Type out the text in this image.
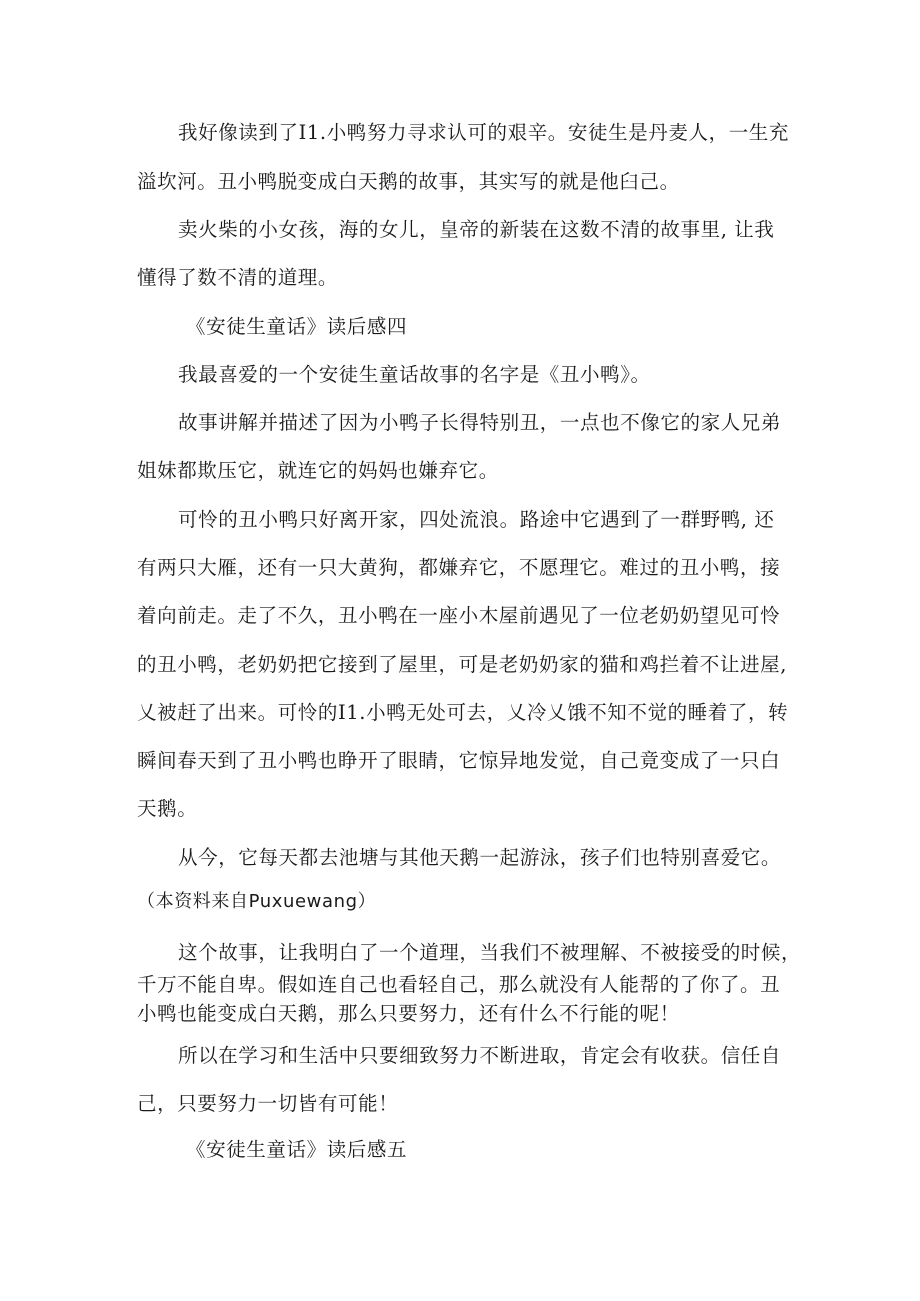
我好像读到了I1.小鸭努力寻求认可的艰辛。安徒生是丹麦人，一生充
溢坎河。丑小鸭脱变成白天鹅的故事，其实写的就是他臼己。
卖火柴的小女孩，海的女儿，皇帝的新装在这数不清的故事里, 让我
懂得了数不清的道理。
《安徒生童话》读后感四
我最喜爱的一个安徒生童话故事的名字是《丑小鸭》。
故事讲解并描述了因为小鸭子长得特别丑，一点也不像它的家人兄弟
姐妹都欺压它，就连它的妈妈也嫌弃它。
可怜的丑小鸭只好离开家，四处流浪。路途中它遇到了一群野鸭, 还
有两只大雁，还有一只大黄狗，都嫌弃它，不愿理它。难过的丑小鸭，接
着向前走。走了不久，丑小鸭在一座小木屋前遇见了一位老奶奶望见可怜
的丑小鸭，老奶奶把它接到了屋里，可是老奶奶家的猫和鸡拦着不让进屋,
乂被赶了出来。可怜的I1.小鸭无处可去，乂冷乂饿不知不觉的睡着了，转
瞬间春天到了丑小鸭也睁开了眼睛，它惊异地发觉，自己竟变成了一只白
天鹅。
从今，它每天都去池塘与其他天鹅一起游泳，孩子们也特别喜爱它。
（本资料来自Puxuewang）
这个故事，让我明白了一个道理，当我们不被理解、不被接受的时候，
千万不能自卑。假如连自己也看轻自己，那么就没有人能帮的了你了。丑
小鸭也能变成白天鹅，那么只要努力，还有什么不行能的呢！
所以在学习和生活中只要细致努力不断进取，肯定会有收获。信任自
己，只要努力一切皆有可能！
《安徒生童话》读后感五
